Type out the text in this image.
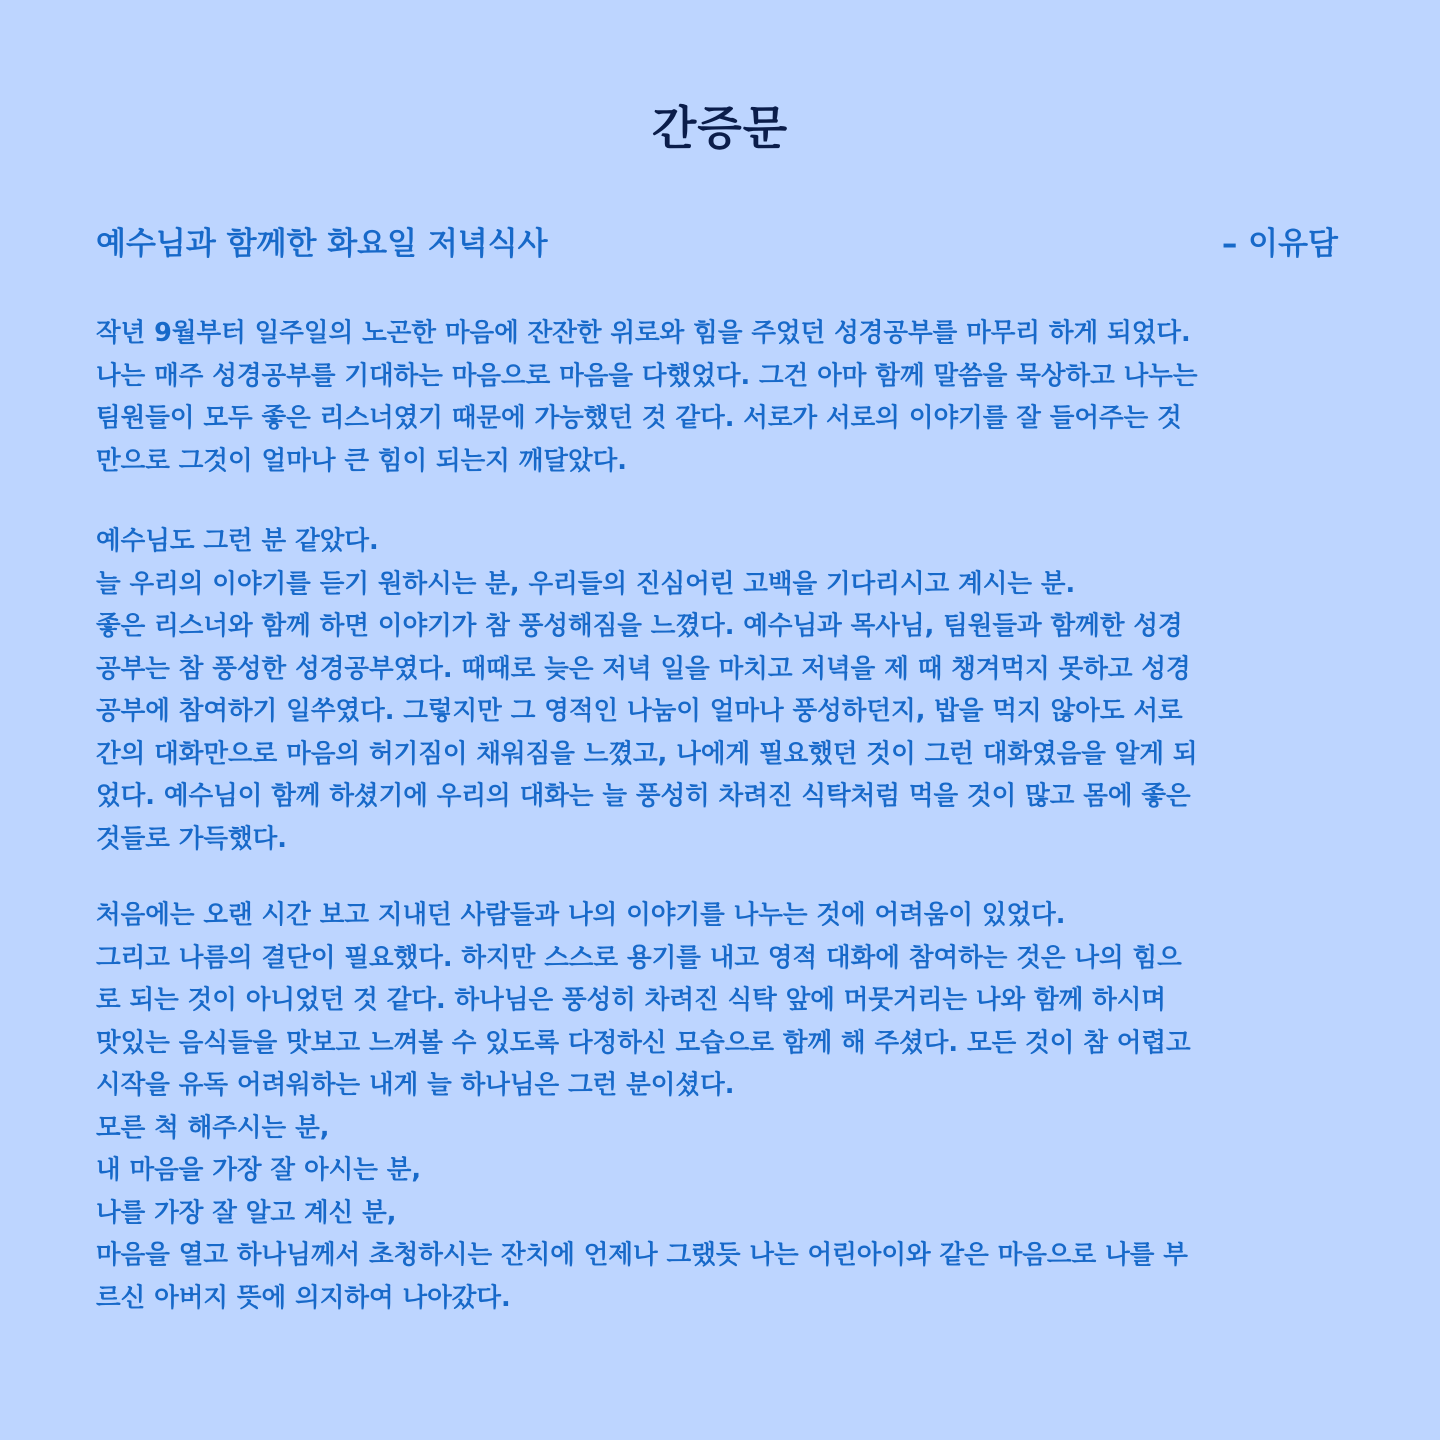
간증문
예수님과 함께한 화요일 저녁식사	– 이유담
작년 9월부터 일주일의 노곤한 마음에 잔잔한 위로와 힘을 주었던 성경공부를 마무리 하게 되었다.
나는 매주 성경공부를 기대하는 마음으로 마음을 다했었다. 그건 아마 함께 말씀을 묵상하고 나누는
팀원들이 모두 좋은 리스너였기 때문에 가능했던 것 같다. 서로가 서로의 이야기를 잘 들어주는 것
만으로 그것이 얼마나 큰 힘이 되는지 깨달았다.
예수님도 그런 분 같았다.
늘 우리의 이야기를 듣기 원하시는 분, 우리들의 진심어린 고백을 기다리시고 계시는 분.
좋은 리스너와 함께 하면 이야기가 참 풍성해짐을 느꼈다. 예수님과 목사님, 팀원들과 함께한 성경
공부는 참 풍성한 성경공부였다. 때때로 늦은 저녁 일을 마치고 저녁을 제 때 챙겨먹지 못하고 성경
공부에 참여하기 일쑤였다. 그렇지만 그 영적인 나눔이 얼마나 풍성하던지, 밥을 먹지 않아도 서로
간의 대화만으로 마음의 허기짐이 채워짐을 느꼈고, 나에게 필요했던 것이 그런 대화였음을 알게 되
었다. 예수님이 함께 하셨기에 우리의 대화는 늘 풍성히 차려진 식탁처럼 먹을 것이 많고 몸에 좋은
것들로 가득했다.
처음에는 오랜 시간 보고 지내던 사람들과 나의 이야기를 나누는 것에 어려움이 있었다.
그리고 나름의 결단이 필요했다. 하지만 스스로 용기를 내고 영적 대화에 참여하는 것은 나의 힘으
로 되는 것이 아니었던 것 같다. 하나님은 풍성히 차려진 식탁 앞에 머뭇거리는 나와 함께 하시며
맛있는 음식들을 맛보고 느껴볼 수 있도록 다정하신 모습으로 함께 해 주셨다. 모든 것이 참 어렵고
시작을 유독 어려워하는 내게 늘 하나님은 그런 분이셨다.
모른 척 해주시는 분,
내 마음을 가장 잘 아시는 분,
나를 가장 잘 알고 계신 분,
마음을 열고 하나님께서 초청하시는 잔치에 언제나 그랬듯 나는 어린아이와 같은 마음으로 나를 부
르신 아버지 뜻에 의지하여 나아갔다.
